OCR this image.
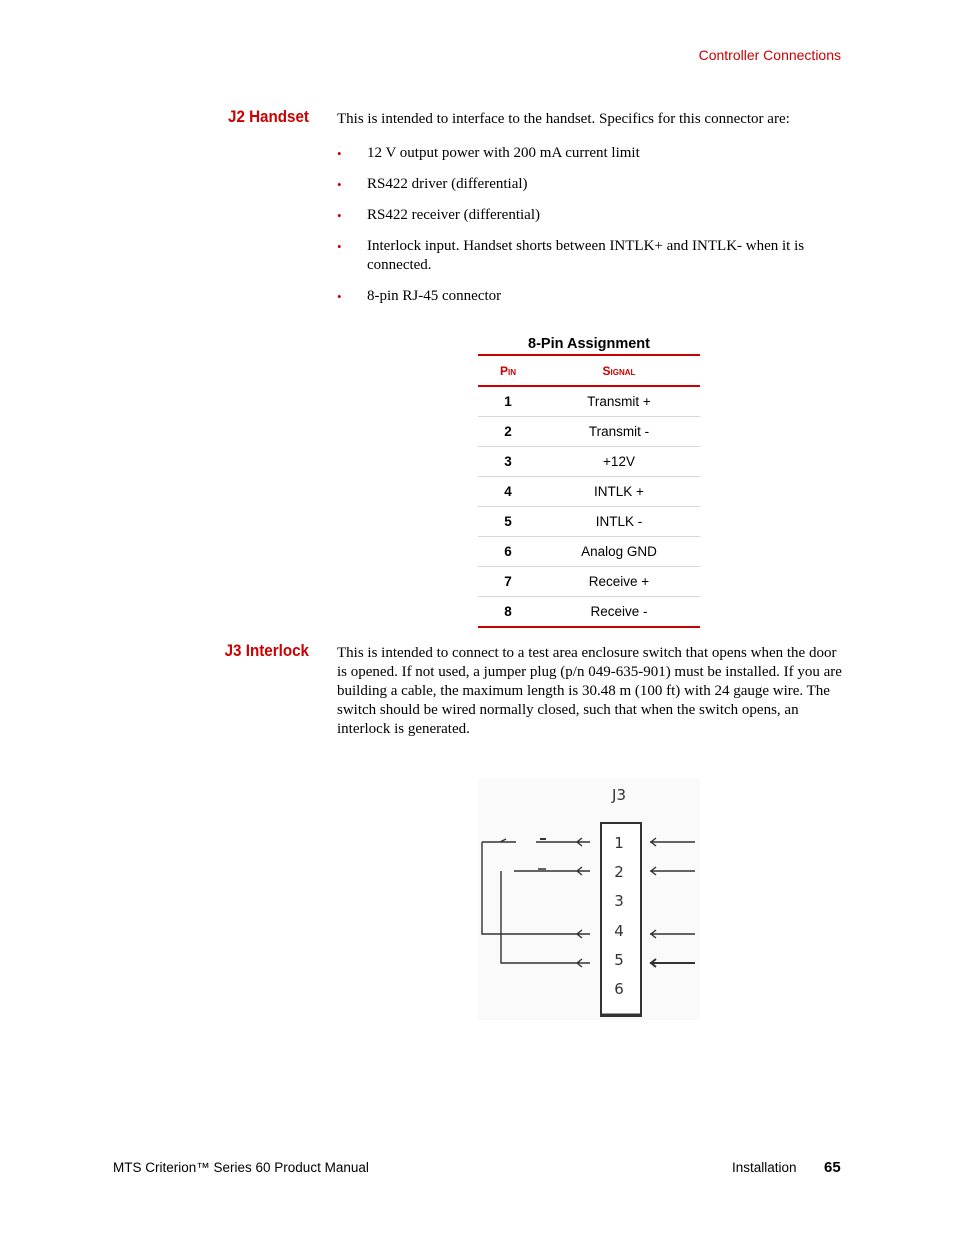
Controller Connections
J2 Handset This is intended to interface to the handset. Specifics for this connector are:
• 12 V output power with 200 mA current limit
• RS422 driver (differential)
• RS422 receiver (differential)
• Interlock input. Handset shorts between INTLK+ and INTLK- when it is connected.
• 8-pin RJ-45 connector
8-Pin Assignment
Pin	Signal
1	Transmit +
2	Transmit -
3	+12V
4	INTLK +
5	INTLK -
6	Analog GND
7	Receive +
8	Receive -
J3 Interlock This is intended to connect to a test area enclosure switch that opens when the door is opened. If not used, a jumper plug (p/n 049-635-901) must be installed. If you are building a cable, the maximum length is 30.48 m (100 ft) with 24 gauge wire. The switch should be wired normally closed, such that when the switch opens, an interlock is generated.
J3
1
2
3
4
5
6
MTS Criterion™ Series 60 Product Manual	Installation 65
